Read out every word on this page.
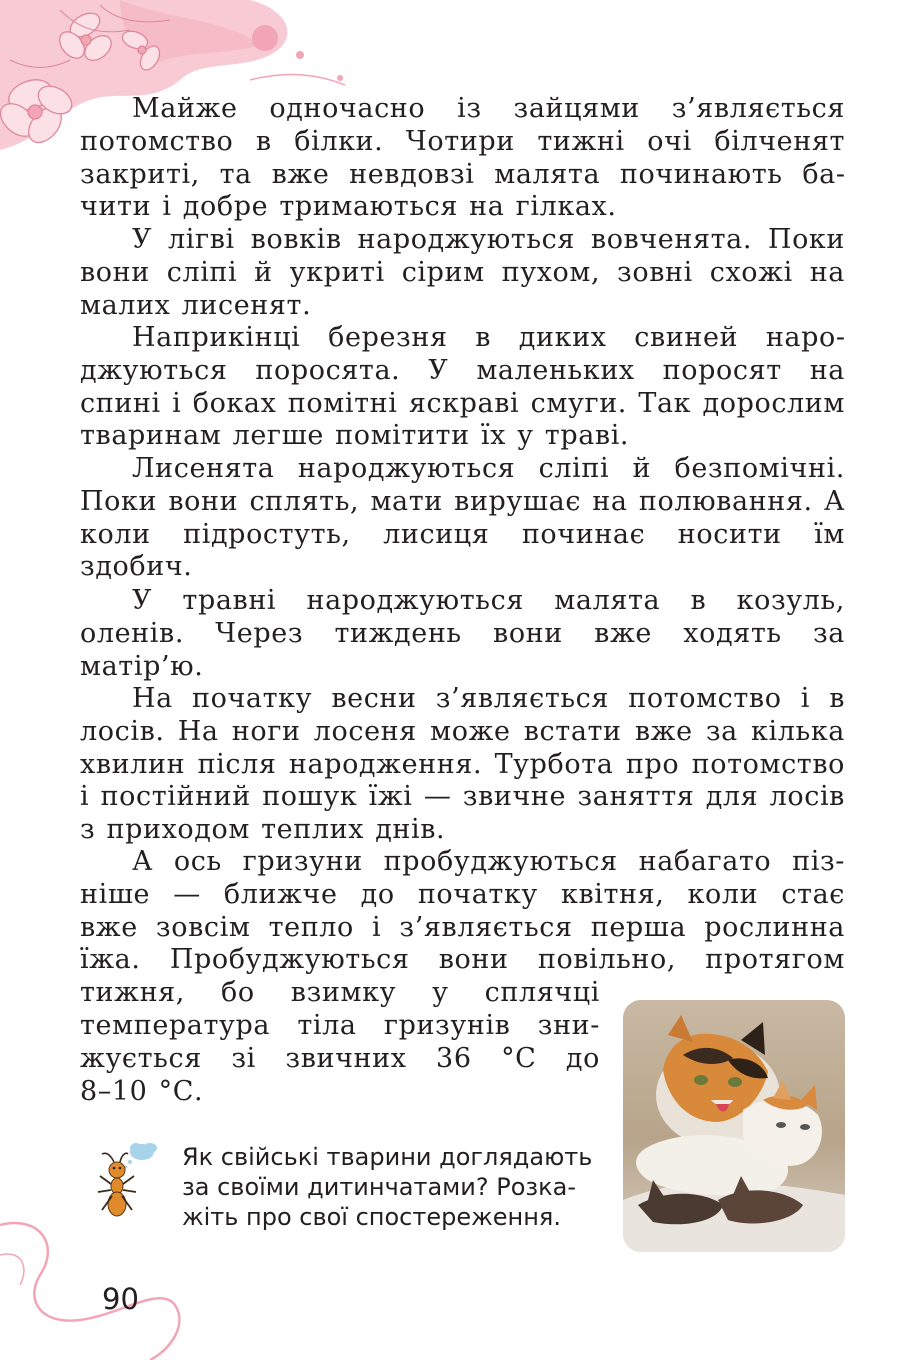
Майже одночасно із зайцями з’являється потомство в білки. Чотири тижні очі білченят закриті, та вже невдовзі малята починають бачити і добре тримаються на гілках.

У лігві вовків народжуються вовченята. Поки вони сліпі й укриті сірим пухом, зовні схожі на малих лисенят.

Наприкінці березня в диких свиней народжуються поросята. У маленьких поросят на спині і боках помітні яскраві смуги. Так дорослим тваринам легше помітити їх у траві.

Лисенята народжуються сліпі й безпомічні. Поки вони сплять, мати вирушає на полювання. А коли підростуть, лисиця починає носити їм здобич.

У травні народжуються малята в козуль, оленів. Через тиждень вони вже ходять за матір’ю.

На початку весни з’являється потомство і в лосів. На ноги лосеня може встати вже за кілька хвилин після народження. Турбота про потомство і постійний пошук їжі — звичне заняття для лосів з приходом теплих днів.

А ось гризуни пробуджуються набагато піз-
ніше — ближче до початку квітня, коли стає
вже зовсім тепло і з’являється перша рослинна
їжа. Пробуджуються вони повільно, протягом
тижня, бо взимку у сплячці
температура тіла гризунів зни-
жується зі звичних 36 °С до
8–10 °С.

Як свійські тварини доглядають
за своїми дитинчатами? Розка-
жіть про свої спостереження.

90
